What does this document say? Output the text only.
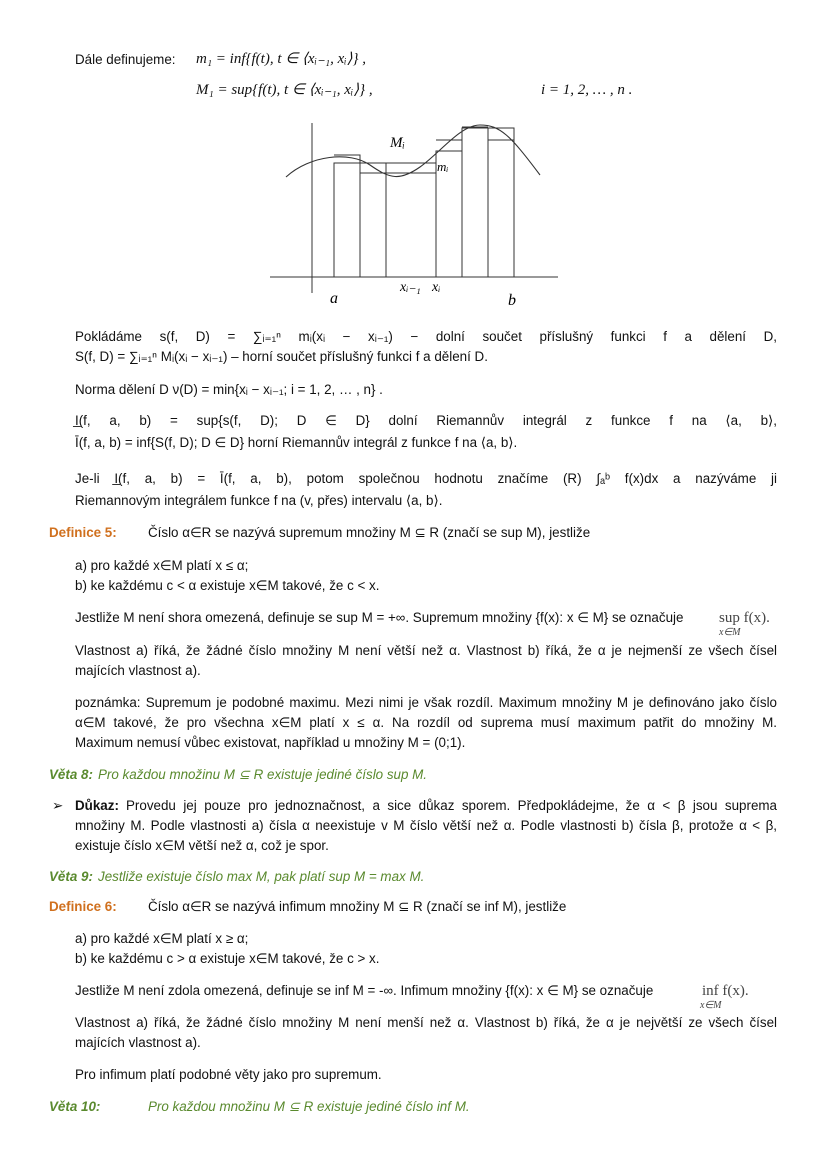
Dále definujeme: m₁ = inf{f(t), t ∈ ⟨xᵢ₋₁, xᵢ⟩} ,
M₁ = sup{f(t), t ∈ ⟨xᵢ₋₁, xᵢ⟩} ,	i = 1, 2, … , n .
Mᵢ
mᵢ
a
xᵢ₋₁ xᵢ
b
Pokládáme s(f, D) = ∑ᵢ₌₁ⁿ mᵢ(xᵢ − xᵢ₋₁) − dolní součet příslušný funkci f a dělení D,
S(f, D) = ∑ᵢ₌₁ⁿ Mᵢ(xᵢ − xᵢ₋₁) – horní součet příslušný funkci f a dělení D.
Norma dělení D ν(D) = min{xᵢ − xᵢ₋₁; i = 1, 2, … , n} .
I̲(f, a, b) = sup{s(f, D); D ∈ D} dolní Riemannův integrál z funkce f na ⟨a, b⟩,
Ī(f, a, b) = inf{S(f, D); D ∈ D} horní Riemannův integrál z funkce f na ⟨a, b⟩.
Je-li I̲(f, a, b) = Ī(f, a, b), potom společnou hodnotu značíme (R) ∫ₐᵇ f(x)dx a nazýváme ji
Riemannovým integrálem funkce f na (v, přes) intervalu ⟨a, b⟩.
Definice 5: Číslo α∈R se nazývá supremum množiny M ⊆ R (značí se sup M), jestliže
a) pro každé x∈M platí x ≤ α;
b) ke každému c < α existuje x∈M takové, že c < x.
Jestliže M není shora omezená, definuje se sup M = +∞. Supremum množiny {f(x): x ∈ M} se označuje sup f(x).
x∈M
Vlastnost a) říká, že žádné číslo množiny M není větší než α. Vlastnost b) říká, že α je nejmenší ze všech čísel
majících vlastnost a).
poznámka: Supremum je podobné maximu. Mezi nimi je však rozdíl. Maximum množiny M je definováno jako číslo
α∈M takové, že pro všechna x∈M platí x ≤ α. Na rozdíl od suprema musí maximum patřit do množiny M.
Maximum nemusí vůbec existovat, například u množiny M = (0;1).
Věta 8: Pro každou množinu M ⊆ R existuje jediné číslo sup M.
➢ Důkaz: Provedu jej pouze pro jednoznačnost, a sice důkaz sporem. Předpokládejme, že α < β jsou suprema
množiny M. Podle vlastnosti a) čísla α neexistuje v M číslo větší než α. Podle vlastnosti b) čísla β, protože α < β,
existuje číslo x∈M větší než α, což je spor.
Věta 9: Jestliže existuje číslo max M, pak platí sup M = max M.
Definice 6: Číslo α∈R se nazývá infimum množiny M ⊆ R (značí se inf M), jestliže
a) pro každé x∈M platí x ≥ α;
b) ke každému c > α existuje x∈M takové, že c > x.
Jestliže M není zdola omezená, definuje se inf M = -∞. Infimum množiny {f(x): x ∈ M} se označuje	inf f(x).
x∈M
Vlastnost a) říká, že žádné číslo množiny M není menší než α. Vlastnost b) říká, že α je největší ze všech čísel
majících vlastnost a).
Pro infimum platí podobné věty jako pro supremum.
Věta 10:	Pro každou množinu M ⊆ R existuje jediné číslo inf M.
